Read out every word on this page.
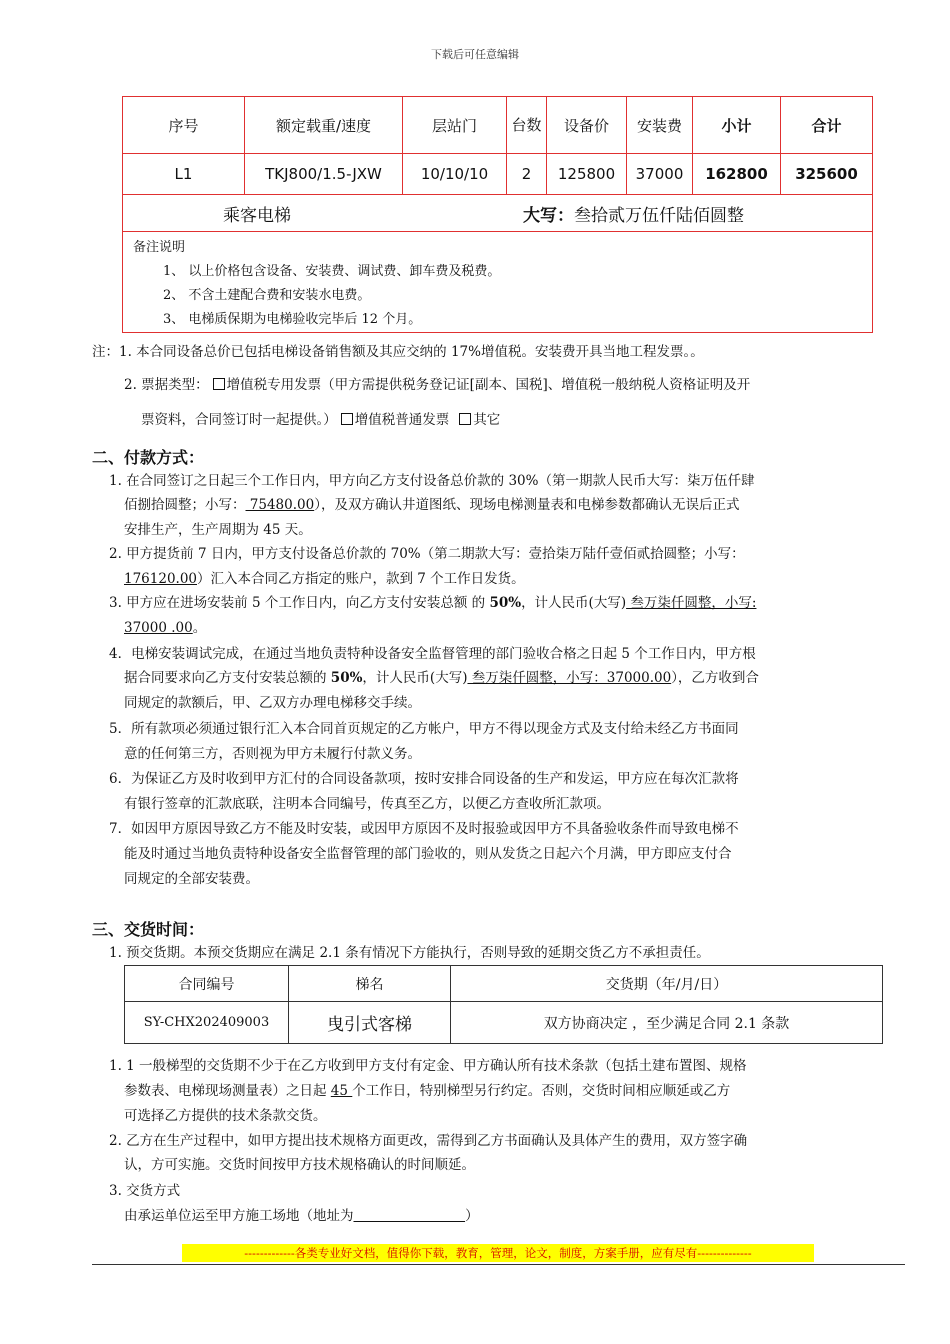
下载后可任意编辑
序号	额定载重/速度	层站门	台数	设备价	安装费	小计	合计
L1	TKJ800/1.5-JXW	10/10/10	2	125800	37000	162800	325600
乘客电梯 大写：叁拾贰万伍仟陆佰圆整							

备注说明
1、 以上价格包含设备、安装费、调试费、卸车费及税费。
2、 不含土建配合费和安装水电费。
3、 电梯质保期为电梯验收完毕后 12 个月。							
注：1. 本合同设备总价已包括电梯设备销售额及其应交纳的 17%增值税。安装费开具当地工程发票。。
2. 票据类型： 增值税专用发票（甲方需提供税务登记证[副本、国税]、增值税一般纳税人资格证明及开
票资料，合同签订时一起提供。） 增值税普通发票 其它
二、付款方式：
1. 在合同签订之日起三个工作日内，甲方向乙方支付设备总价款的 30%（第一期款人民币大写：柒万伍仟肆
佰捌拾圆整；小写： 75480.00），及双方确认井道图纸、现场电梯测量表和电梯参数都确认无误后正式
安排生产，生产周期为 45 天。
2. 甲方提货前 7 日内，甲方支付设备总价款的 70%（第二期款大写：壹拾柒万陆仟壹佰贰拾圆整；小写：
176120.00）汇入本合同乙方指定的账户，款到 7 个工作日发货。
3. 甲方应在进场安装前 5 个工作日内，向乙方支付安装总额 的 50%，计人民币(大写) 叁万柒仟圆整，小写:
37000 .00。
4．电梯安装调试完成，在通过当地负责特种设备安全监督管理的部门验收合格之日起 5 个工作日内，甲方根
据合同要求向乙方支付安装总额的 50%，计人民币(大写) 叁万柒仟圆整，小写：37000.00），乙方收到合
同规定的款额后，甲、乙双方办理电梯移交手续。
5．所有款项必须通过银行汇入本合同首页规定的乙方帐户，甲方不得以现金方式及支付给未经乙方书面同
意的任何第三方，否则视为甲方未履行付款义务。
6．为保证乙方及时收到甲方汇付的合同设备款项，按时安排合同设备的生产和发运，甲方应在每次汇款将
有银行签章的汇款底联，注明本合同编号，传真至乙方，以便乙方查收所汇款项。
7．如因甲方原因导致乙方不能及时安装，或因甲方原因不及时报验或因甲方不具备验收条件而导致电梯不
能及时通过当地负责特种设备安全监督管理的部门验收的，则从发货之日起六个月满，甲方即应支付合
同规定的全部安装费。
三、交货时间：
1. 预交货期。本预交货期应在满足 2.1 条有情况下方能执行，否则导致的延期交货乙方不承担责任。
合同编号	梯名	交货期（年/月/日）
SY-CHX202409003	曳引式客梯	双方协商决定 ，至少满足合同 2.1 条款
1. 1 一般梯型的交货期不少于在乙方收到甲方支付有定金、甲方确认所有技术条款（包括土建布置图、规格
参数表、电梯现场测量表）之日起 45 个工作日，特别梯型另行约定。否则，交货时间相应顺延或乙方
可选择乙方提供的技术条款交货。
2. 乙方在生产过程中，如甲方提出技术规格方面更改，需得到乙方书面确认及具体产生的费用，双方签字确
认，方可实施。交货时间按甲方技术规格确认的时间顺延。
3. 交货方式
由承运单位运至甲方施工场地（地址为	）
-------------各类专业好文档，值得你下载，教育，管理，论文，制度，方案手册，应有尽有--------------
